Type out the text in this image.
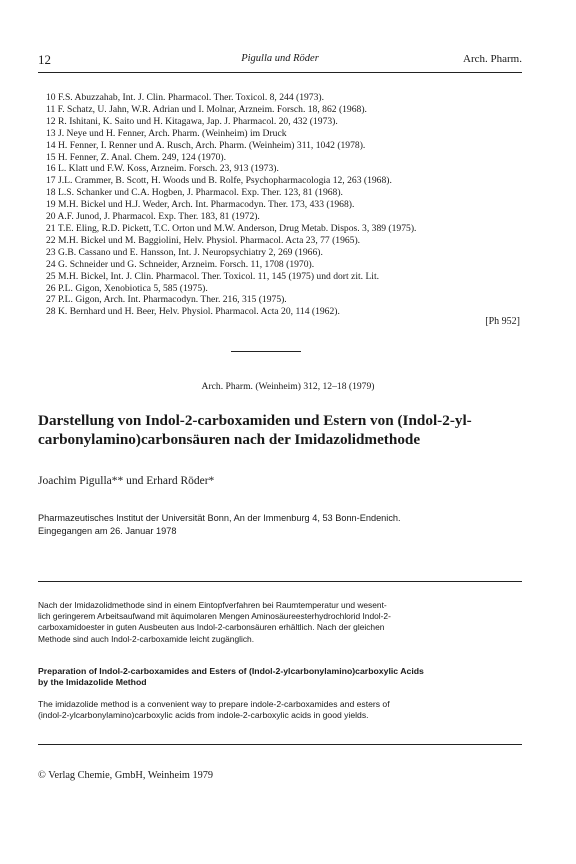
12	Pigulla und Röder	Arch. Pharm.
10 F.S. Abuzzahab, Int. J. Clin. Pharmacol. Ther. Toxicol. 8, 244 (1973).
11 F. Schatz, U. Jahn, W.R. Adrian und I. Molnar, Arzneim. Forsch. 18, 862 (1968).
12 R. Ishitani, K. Saito und H. Kitagawa, Jap. J. Pharmacol. 20, 432 (1973).
13 J. Neye und H. Fenner, Arch. Pharm. (Weinheim) im Druck
14 H. Fenner, I. Renner und A. Rusch, Arch. Pharm. (Weinheim) 311, 1042 (1978).
15 H. Fenner, Z. Anal. Chem. 249, 124 (1970).
16 L. Klatt und F.W. Koss, Arzneim. Forsch. 23, 913 (1973).
17 J.L. Crammer, B. Scott, H. Woods und B. Rolfe, Psychopharmacologia 12, 263 (1968).
18 L.S. Schanker und C.A. Hogben, J. Pharmacol. Exp. Ther. 123, 81 (1968).
19 M.H. Bickel und H.J. Weder, Arch. Int. Pharmacodyn. Ther. 173, 433 (1968).
20 A.F. Junod, J. Pharmacol. Exp. Ther. 183, 81 (1972).
21 T.E. Eling, R.D. Pickett, T.C. Orton und M.W. Anderson, Drug Metab. Dispos. 3, 389 (1975).
22 M.H. Bickel und M. Baggiolini, Helv. Physiol. Pharmacol. Acta 23, 77 (1965).
23 G.B. Cassano und E. Hansson, Int. J. Neuropsychiatry 2, 269 (1966).
24 G. Schneider und G. Schneider, Arzneim. Forsch. 11, 1708 (1970).
25 M.H. Bickel, Int. J. Clin. Pharmacol. Ther. Toxicol. 11, 145 (1975) und dort zit. Lit.
26 P.L. Gigon, Xenobiotica 5, 585 (1975).
27 P.L. Gigon, Arch. Int. Pharmacodyn. Ther. 216, 315 (1975).
28 K. Bernhard und H. Beer, Helv. Physiol. Pharmacol. Acta 20, 114 (1962).
[Ph 952]
Arch. Pharm. (Weinheim) 312, 12–18 (1979)
Darstellung von Indol-2-carboxamiden und Estern von (Indol-2-yl-
carbonylamino)carbonsäuren nach der Imidazolidmethode
Joachim Pigulla** und Erhard Röder*
Pharmazeutisches Institut der Universität Bonn, An der Immenburg 4, 53 Bonn-Endenich.
Eingegangen am 26. Januar 1978
Nach der Imidazolidmethode sind in einem Eintopfverfahren bei Raumtemperatur und wesent-
lich geringerem Arbeitsaufwand mit äquimolaren Mengen Aminosäureesterhydrochlorid Indol-2-
carboxamidoester in guten Ausbeuten aus Indol-2-carbonsäuren erhältlich. Nach der gleichen
Methode sind auch Indol-2-carboxamide leicht zugänglich.
Preparation of Indol-2-carboxamides and Esters of (Indol-2-ylcarbonylamino)carboxylic Acids
by the Imidazolide Method
The imidazolide method is a convenient way to prepare indole-2-carboxamides and esters of
(indol-2-ylcarbonylamino)carboxylic acids from indole-2-carboxylic acids in good yields.
© Verlag Chemie, GmbH, Weinheim 1979
